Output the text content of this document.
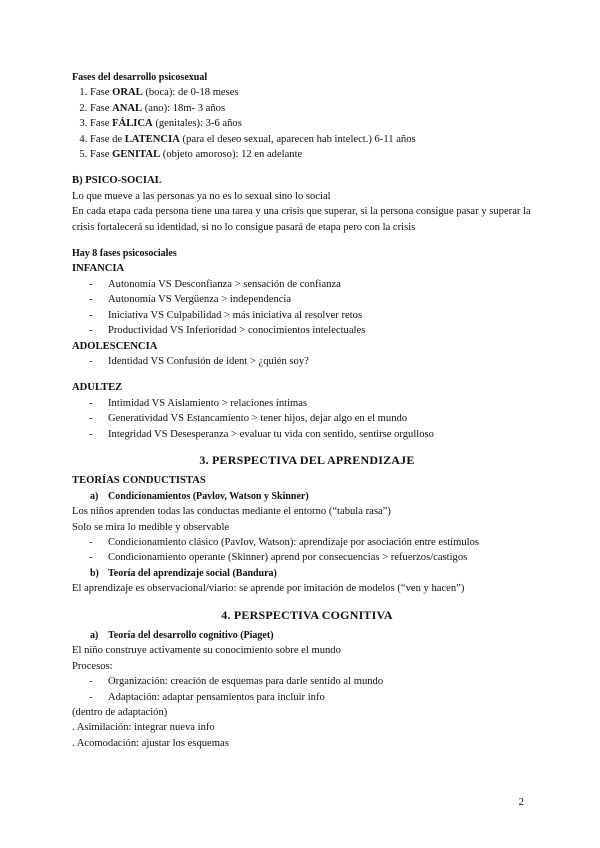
Fases del desarrollo psicosexual

1. Fase ORAL (boca): de 0-18 meses
2. Fase ANAL (ano): 18m- 3 años
3. Fase FÁLICA (genitales): 3-6 años
4. Fase de LATENCIA (para el deseo sexual, aparecen hab intelect.) 6-11 años
5. Fase GENITAL (objeto amoroso): 12 en adelante

B) PSICO-SOCIAL

Lo que mueve a las personas ya no es lo sexual sino lo social

En cada etapa cada persona tiene una tarea y una crisis que superar, si la persona consigue pasar y superar la crisis fortalecerá su identidad, si no lo consigue pasará de etapa pero con la crisis

Hay 8 fases psicosociales

INFANCIA

- Autonomía VS Desconfianza > sensación de confianza
- Autonomía VS Vergüenza > independencia
- Iniciativa VS Culpabilidad > más iniciativa al resolver retos
- Productividad VS Inferioridad > conocimientos intelectuales

ADOLESCENCIA

- Identidad VS Confusión de ident > ¿quién soy?

ADULTEZ

- Intimidad VS Aislamiento > relaciones íntimas
- Generatividad VS Estancamiento > tener hijos, dejar algo en el mundo
- Integridad VS Desesperanza > evaluar tu vida con sentido, sentirse orgulloso

3. PERSPECTIVA DEL APRENDIZAJE

TEORÍAS CONDUCTISTAS

a) Condicionamientos (Pavlov, Watson y Skinner)

Los niños aprenden todas las conductas mediante el entorno (“tabula rasa”)

Solo se mira lo medible y observable

- Condicionamiento clásico (Pavlov, Watson): aprendizaje por asociación entre estímulos
- Condicionamiento operante (Skinner) aprend por consecuencias > refuerzos/castigos
b) Teoría del aprendizaje social (Bandura)

El aprendizaje es observacional/viario: se aprende por imitación de modelos (“ven y hacen”)

4. PERSPECTIVA COGNITIVA

a) Teoría del desarrollo cognitivo (Piaget)

El niño construye activamente su conocimiento sobre el mundo

Procesos:

- Organización: creación de esquemas para darle sentido al mundo
- Adaptación: adaptar pensamientos para incluir info

(dentro de adaptación)

. Asimilación: integrar nueva info

. Acomodación: ajustar los esquemas

2
